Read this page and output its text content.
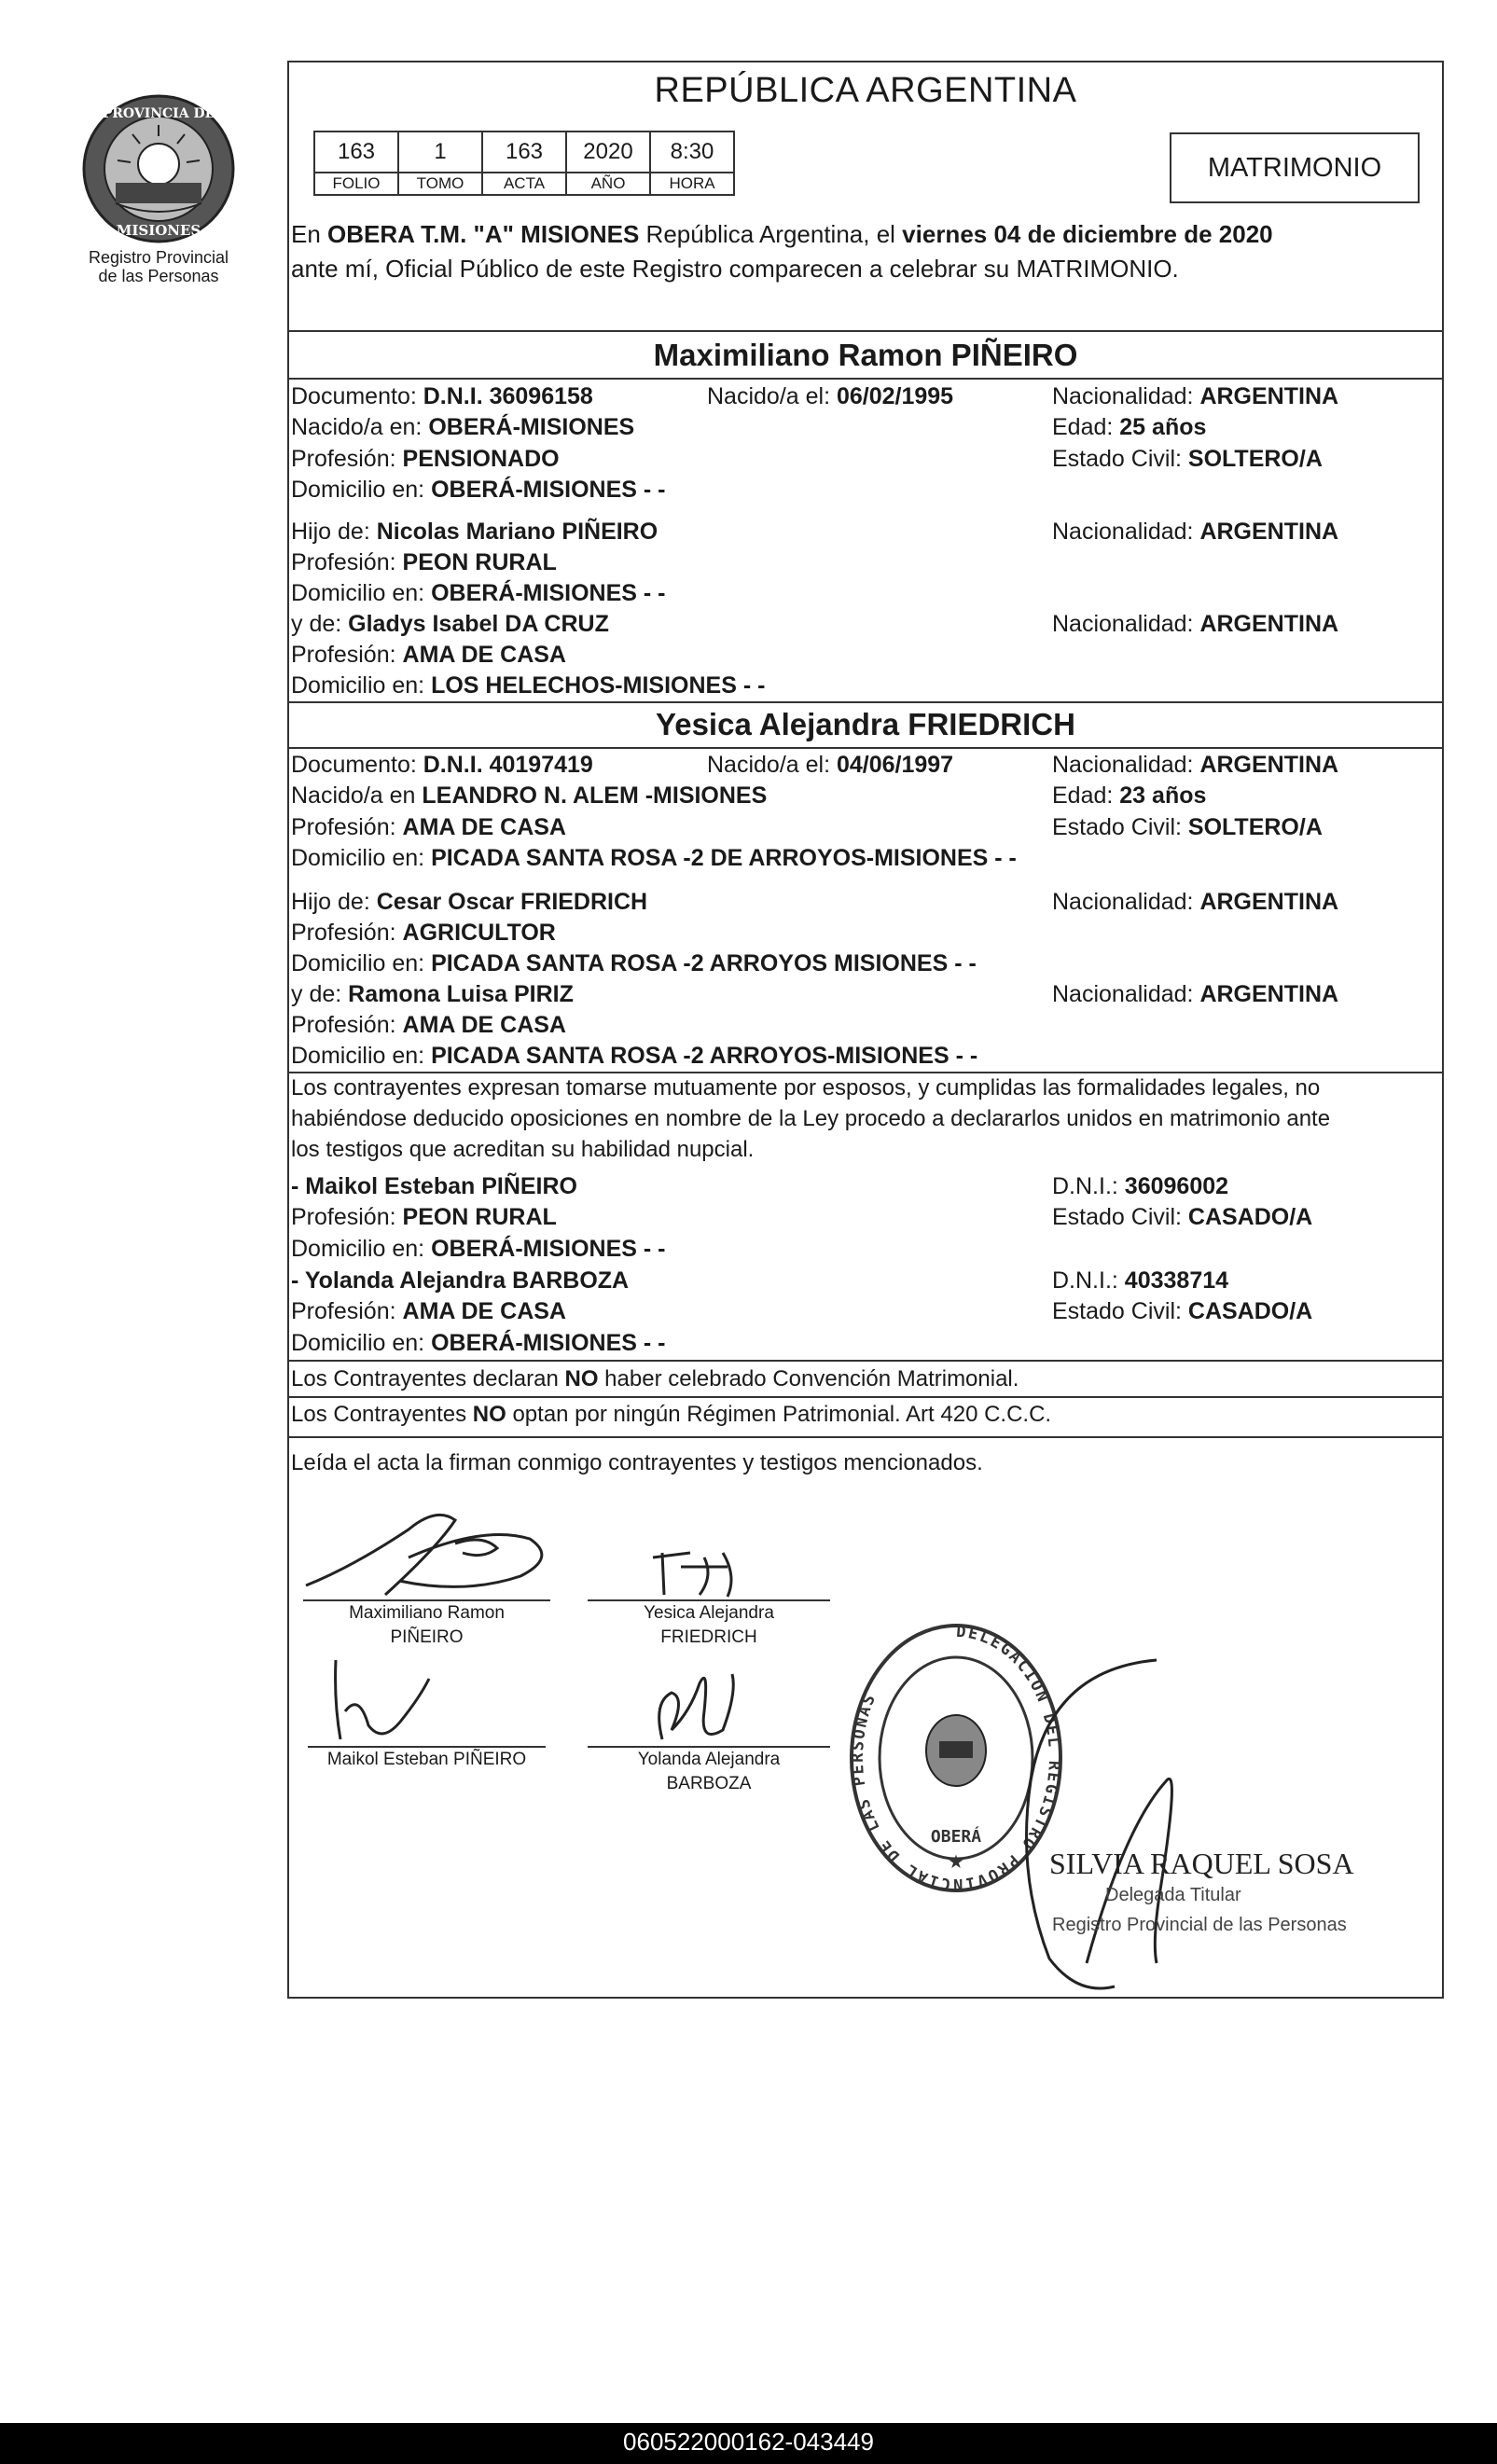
PROVINCIA DE
MISIONES
Registro Provincial
de las Personas
REPÚBLICA ARGENTINA
163	1	163	2020	8:30
FOLIO	TOMO	ACTA	AÑO	HORA
MATRIMONIO
En OBERA T.M. "A" MISIONES República Argentina, el viernes 04 de diciembre de 2020
ante mí, Oficial Público de este Registro comparecen a celebrar su MATRIMONIO.
Maximiliano Ramon PIÑEIRO
Documento: D.N.I. 36096158	Nacido/a el: 06/02/1995	Nacionalidad: ARGENTINA
Nacido/a en: OBERÁ-MISIONES	Edad: 25 años
Profesión: PENSIONADO	Estado Civil: SOLTERO/A
Domicilio en: OBERÁ-MISIONES - -
Hijo de: Nicolas Mariano PIÑEIRO	Nacionalidad: ARGENTINA
Profesión: PEON RURAL
Domicilio en: OBERÁ-MISIONES - -
y de: Gladys Isabel DA CRUZ	Nacionalidad: ARGENTINA
Profesión: AMA DE CASA
Domicilio en: LOS HELECHOS-MISIONES - -
Yesica Alejandra FRIEDRICH
Documento: D.N.I. 40197419	Nacido/a el: 04/06/1997	Nacionalidad: ARGENTINA
Nacido/a en LEANDRO N. ALEM -MISIONES	Edad: 23 años
Profesión: AMA DE CASA	Estado Civil: SOLTERO/A
Domicilio en: PICADA SANTA ROSA -2 DE ARROYOS-MISIONES - -
Hijo de: Cesar Oscar FRIEDRICH	Nacionalidad: ARGENTINA
Profesión: AGRICULTOR
Domicilio en: PICADA SANTA ROSA -2 ARROYOS MISIONES - -
y de: Ramona Luisa PIRIZ	Nacionalidad: ARGENTINA
Profesión: AMA DE CASA
Domicilio en: PICADA SANTA ROSA -2 ARROYOS-MISIONES - -
Los contrayentes expresan tomarse mutuamente por esposos, y cumplidas las formalidades legales, no
habiéndose deducido oposiciones en nombre de la Ley procedo a declararlos unidos en matrimonio ante
los testigos que acreditan su habilidad nupcial.
- Maikol Esteban PIÑEIRO	D.N.I.: 36096002
Profesión: PEON RURAL	Estado Civil: CASADO/A
Domicilio en: OBERÁ-MISIONES - -
- Yolanda Alejandra BARBOZA	D.N.I.: 40338714
Profesión: AMA DE CASA	Estado Civil: CASADO/A
Domicilio en: OBERÁ-MISIONES - -
Los Contrayentes declaran NO haber celebrado Convención Matrimonial.
Los Contrayentes NO optan por ningún Régimen Patrimonial. Art 420 C.C.C.
Leída el acta la firman conmigo contrayentes y testigos mencionados.
Maximiliano Ramon
PIÑEIRO
Yesica Alejandra
FRIEDRICH
Maikol Esteban PIÑEIRO	Yolanda Alejandra
BARBOZA
DELEGACION DEL REGISTRO PROVINCIAL DE LAS PERSONAS
OBERÁ
★	SILVIA RAQUEL SOSA
Delegada Titular
Registro Provincial de las Personas
060522000162-043449
